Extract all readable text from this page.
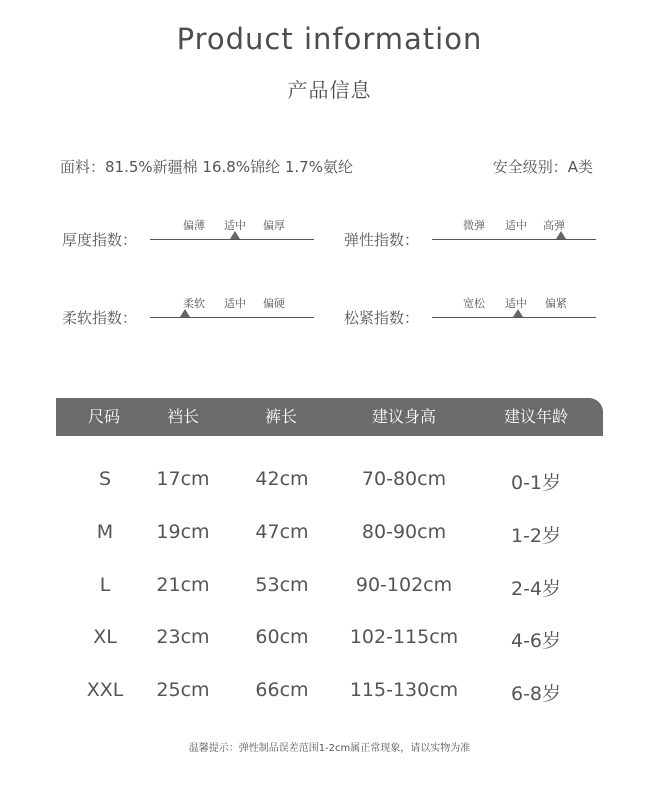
Product information
产品信息
面料：81.5%新疆棉 16.8%锦纶 1.7%氨纶	安全级别：A类
厚度指数：
偏薄 适中 偏厚
弹性指数：
微弹 适中 高弹
柔软指数：
柔软 适中 偏硬
松紧指数：
宽松 适中 偏紧
尺码	裆长	裤长	建议身高	建议年龄
S 17cm 42cm	70-80cm	0-1岁
M 19cm 47cm	80-90cm	1-2岁
L 21cm 53cm 90-102cm	2-4岁
XL 23cm 60cm 102-115cm	4-6岁
XXL 25cm 66cm 115-130cm	6-8岁
温馨提示：弹性制品误差范围1-2cm属正常现象，请以实物为准
